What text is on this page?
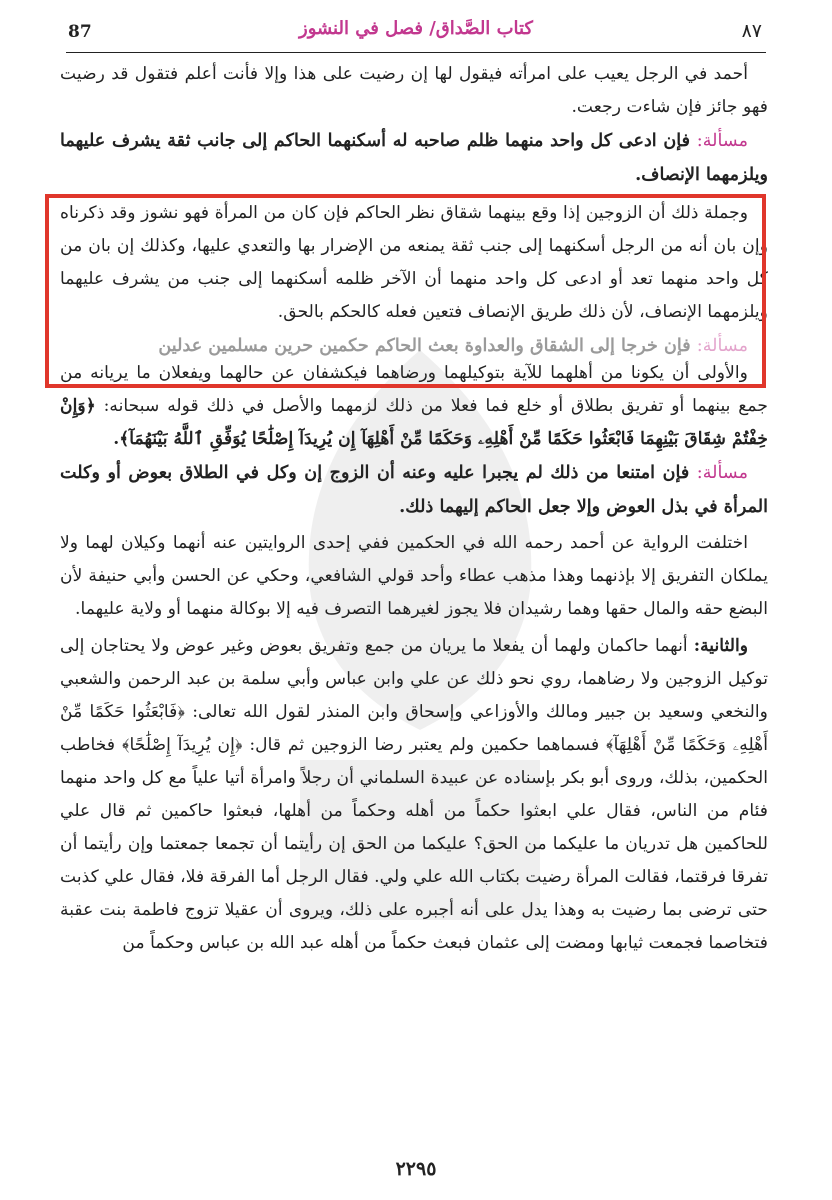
87	كتاب الصَّداق/ فصل في النشوز	٨٧

أحمد في الرجل يعيب على امرأته فيقول لها إن رضيت على هذا وإلا فأنت أعلم فتقول قد رضيت فهو جائز فإن شاءت رجعت.

مسألة: فإن ادعى كل واحد منهما ظلم صاحبه له أسكنهما الحاكم إلى جانب ثقة يشرف عليهما ويلزمهما الإنصاف.

وجملة ذلك أن الزوجين إذا وقع بينهما شقاق نظر الحاكم فإن كان من المرأة فهو نشوز وقد ذكرناه وإن بان أنه من الرجل أسكنهما إلى جنب ثقة يمنعه من الإضرار بها والتعدي عليها، وكذلك إن بان من كل واحد منهما تعد أو ادعى كل واحد منهما أن الآخر ظلمه أسكنهما إلى جنب من يشرف عليهما ويلزمهما الإنصاف، لأن ذلك طريق الإنصاف فتعين فعله كالحكم بالحق.

مسألة: فإن خرجا إلى الشقاق والعداوة بعث الحاكم حكمين حرين مسلمين عدلين

والأولى أن يكونا من أهلهما للآية بتوكيلهما ورضاهما فيكشفان عن حالهما ويفعلان ما يريانه من جمع بينهما أو تفريق بطلاق أو خلع فما فعلا من ذلك لزمهما والأصل في ذلك قوله سبحانه: ﴿وَإِنْ خِفْتُمْ شِقَاقَ بَيْنِهِمَا فَابْعَثُوا حَكَمًا مِّنْ أَهْلِهِۦ وَحَكَمًا مِّنْ أَهْلِهَآ إِن يُرِيدَآ إِصْلَٰحًا يُوَفِّقِ ٱللَّهُ بَيْنَهُمَآ﴾.

مسألة: فإن امتنعا من ذلك لم يجبرا عليه وعنه أن الزوج إن وكل في الطلاق بعوض أو وكلت المرأة في بذل العوض وإلا جعل الحاكم إليهما ذلك.

اختلفت الرواية عن أحمد رحمه الله في الحكمين ففي إحدى الروايتين عنه أنهما وكيلان لهما ولا يملكان التفريق إلا بإذنهما وهذا مذهب عطاء وأحد قولي الشافعي، وحكي عن الحسن وأبي حنيفة لأن البضع حقه والمال حقها وهما رشيدان فلا يجوز لغيرهما التصرف فيه إلا بوكالة منهما أو ولاية عليهما.

والثانية: أنهما حاكمان ولهما أن يفعلا ما يريان من جمع وتفريق بعوض وغير عوض ولا يحتاجان إلى توكيل الزوجين ولا رضاهما، روي نحو ذلك عن علي وابن عباس وأبي سلمة بن عبد الرحمن والشعبي والنخعي وسعيد بن جبير ومالك والأوزاعي وإسحاق وابن المنذر لقول الله تعالى: ﴿فَابْعَثُوا حَكَمًا مِّنْ أَهْلِهِۦ وَحَكَمًا مِّنْ أَهْلِهَآ﴾ فسماهما حكمين ولم يعتبر رضا الزوجين ثم قال: ﴿إِن يُرِيدَآ إِصْلَٰحًا﴾ فخاطب الحكمين، بذلك، وروى أبو بكر بإسناده عن عبيدة السلماني أن رجلاً وامرأة أتيا علياً مع كل واحد منهما فئام من الناس، فقال علي ابعثوا حكماً من أهله وحكماً من أهلها، فبعثوا حاكمين ثم قال علي للحاكمين هل تدريان ما عليكما من الحق؟ عليكما من الحق إن رأيتما أن تجمعا جمعتما وإن رأيتما أن تفرقا فرقتما، فقالت المرأة رضيت بكتاب الله علي ولي. فقال الرجل أما الفرقة فلا، فقال علي كذبت حتى ترضى بما رضيت به وهذا يدل على أنه أجبره على ذلك، ويروى أن عقيلا تزوج فاطمة بنت عقبة فتخاصما فجمعت ثيابها ومضت إلى عثمان فبعث حكماً من أهله عبد الله بن عباس وحكماً من

٢٢٩٥
